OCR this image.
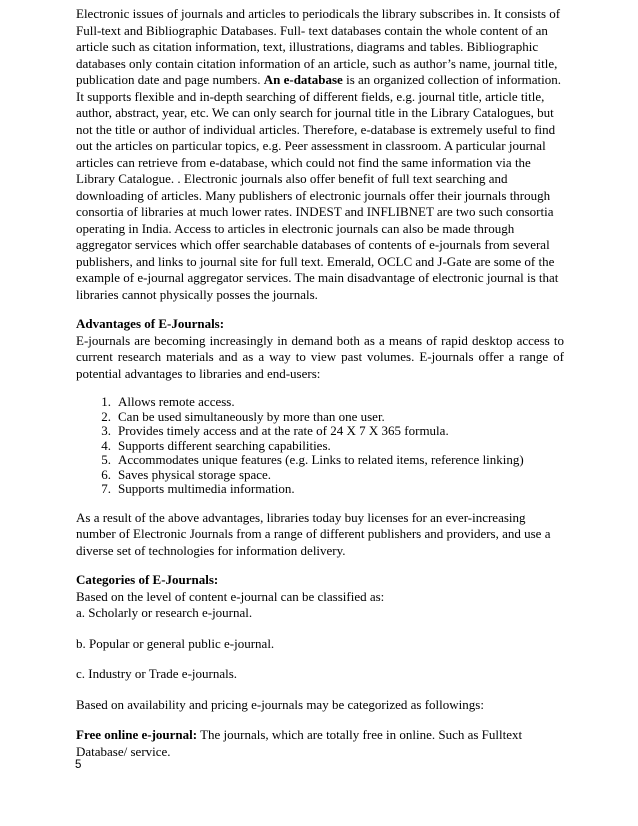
Electronic issues of journals and articles to periodicals the library subscribes in. It consists of Full-text and Bibliographic Databases. Full- text databases contain the whole content of an article such as citation information, text, illustrations, diagrams and tables. Bibliographic databases only contain citation information of an article, such as author’s name, journal title, publication date and page numbers. An e-database is an organized collection of information. It supports flexible and in-depth searching of different fields, e.g. journal title, article title, author, abstract, year, etc. We can only search for journal title in the Library Catalogues, but not the title or author of individual articles. Therefore, e-database is extremely useful to find out the articles on particular topics, e.g. Peer assessment in classroom. A particular journal articles can retrieve from e-database, which could not find the same information via the Library Catalogue. . Electronic journals also offer benefit of full text searching and downloading of articles. Many publishers of electronic journals offer their journals through consortia of libraries at much lower rates. INDEST and INFLIBNET are two such consortia operating in India. Access to articles in electronic journals can also be made through aggregator services which offer searchable databases of contents of e-journals from several publishers, and links to journal site for full text. Emerald, OCLC and J-Gate are some of the example of e-journal aggregator services. The main disadvantage of electronic journal is that libraries cannot physically posses the journals.

Advantages of E-Journals:

E-journals are becoming increasingly in demand both as a means of rapid desktop access to current research materials and as a way to view past volumes. E-journals offer a range of potential advantages to libraries and end-users:

1. Allows remote access.
2. Can be used simultaneously by more than one user.
3. Provides timely access and at the rate of 24 X 7 X 365 formula.
4. Supports different searching capabilities.
5. Accommodates unique features (e.g. Links to related items, reference linking)
6. Saves physical storage space.
7. Supports multimedia information.

As a result of the above advantages, libraries today buy licenses for an ever-increasing number of Electronic Journals from a range of different publishers and providers, and use a diverse set of technologies for information delivery.

Categories of E-Journals:

Based on the level of content e-journal can be classified as:

a. Scholarly or research e-journal.

b. Popular or general public e-journal.

c. Industry or Trade e-journals.

Based on availability and pricing e-journals may be categorized as followings:

Free online e-journal: The journals, which are totally free in online. Such as Fulltext Database/ service.

5
